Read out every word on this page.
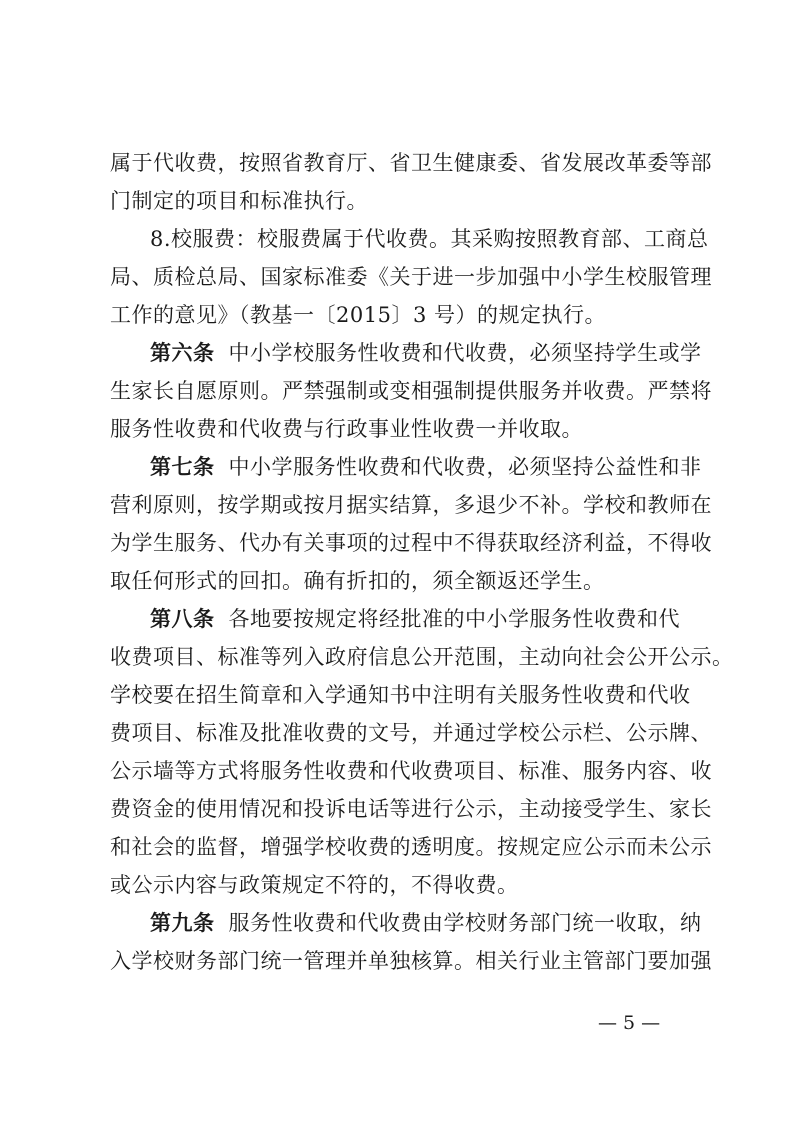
属于代收费，按照省教育厅、省卫生健康委、省发展改革委等部
门制定的项目和标准执行。
8.校服费：校服费属于代收费。其采购按照教育部、工商总
局、质检总局、国家标准委《关于进一步加强中小学生校服管理
工作的意见》（教基一〔2015〕3 号）的规定执行。
第六条 中小学校服务性收费和代收费，必须坚持学生或学
生家长自愿原则。严禁强制或变相强制提供服务并收费。严禁将
服务性收费和代收费与行政事业性收费一并收取。
第七条 中小学服务性收费和代收费，必须坚持公益性和非
营利原则，按学期或按月据实结算，多退少不补。学校和教师在
为学生服务、代办有关事项的过程中不得获取经济利益，不得收
取任何形式的回扣。确有折扣的，须全额返还学生。
第八条 各地要按规定将经批准的中小学服务性收费和代
收费项目、标准等列入政府信息公开范围，主动向社会公开公示。
学校要在招生简章和入学通知书中注明有关服务性收费和代收
费项目、标准及批准收费的文号，并通过学校公示栏、公示牌、
公示墙等方式将服务性收费和代收费项目、标准、服务内容、收
费资金的使用情况和投诉电话等进行公示，主动接受学生、家长
和社会的监督，增强学校收费的透明度。按规定应公示而未公示
或公示内容与政策规定不符的，不得收费。
第九条 服务性收费和代收费由学校财务部门统一收取，纳
入学校财务部门统一管理并单独核算。相关行业主管部门要加强
— 5 —
